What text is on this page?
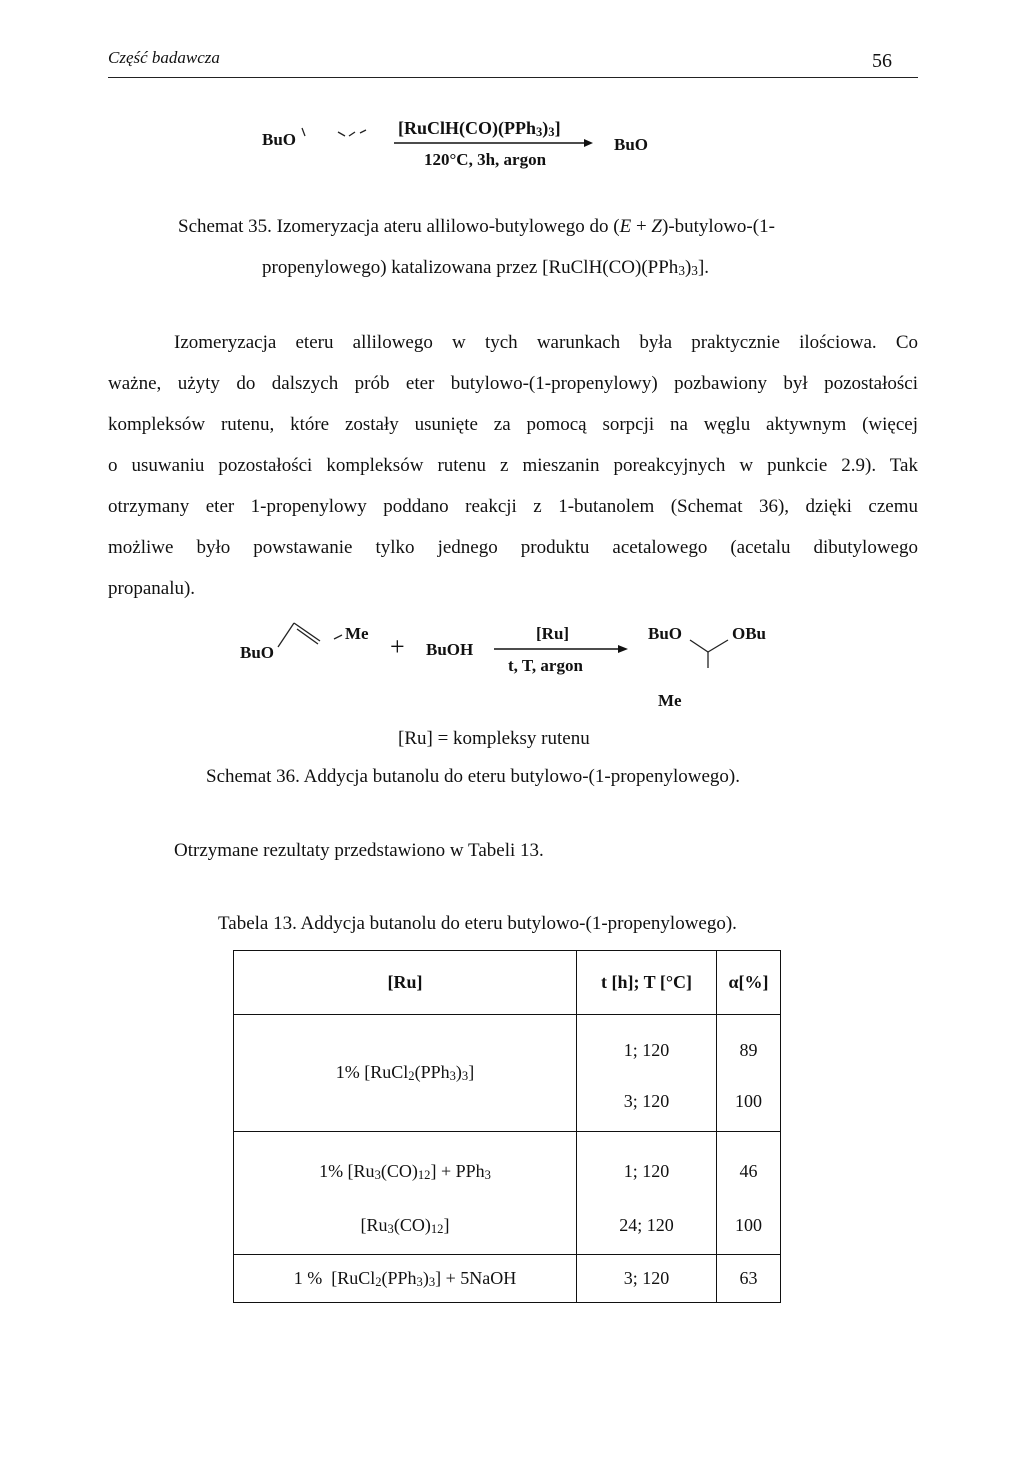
Część badawcza	56
BuO
$[RuClH(CO)(PPh_3)_3]$
120°C, 3h, argon
BuO
Schemat 35. Izomeryzacja ateru allilowo-butylowego do (E + Z)-butylowo-(1-
propenylowego) katalizowana przez $[RuClH(CO)(PPh_3)_3]$.
Izomeryzacja eteru allilowego w tych warunkach była praktycznie ilościowa. Co
ważne, użyty do dalszych prób eter butylowo-(1-propenylowy) pozbawiony był pozostałości
kompleksów rutenu, które zostały usunięte za pomocą sorpcji na węglu aktywnym (więcej
o usuwaniu pozostałości kompleksów rutenu z mieszanin poreakcyjnych w punkcie 2.9). Tak
otrzymany eter 1-propenylowy poddano reakcji z 1-butanolem (Schemat 36), dzięki czemu
możliwe było powstawanie tylko jednego produktu acetalowego (acetalu dibutylowego
propanalu).
BuO
Me + BuOH
[Ru]
t, T, argon
BuO	OBu
Me
[Ru] = kompleksy rutenu
Schemat 36. Addycja butanolu do eteru butylowo-(1-propenylowego).
Otrzymane rezultaty przedstawiono w Tabeli 13.
Tabela 13. Addycja butanolu do eteru butylowo-(1-propenylowego).
[Ru]	t [h]; T [°C]	α[%]
1% $[RuCl_2(PPh_3)_3]$	1; 120	89
	3; 120	100

1% $[Ru_3(CO)_{12}] + PPh_3$	1; 120	46
$[Ru_3(CO)_{12}]$	24; 120	100
1 %  $[RuCl_2(PPh_3)_3]$ + 5NaOH	3; 120	63
